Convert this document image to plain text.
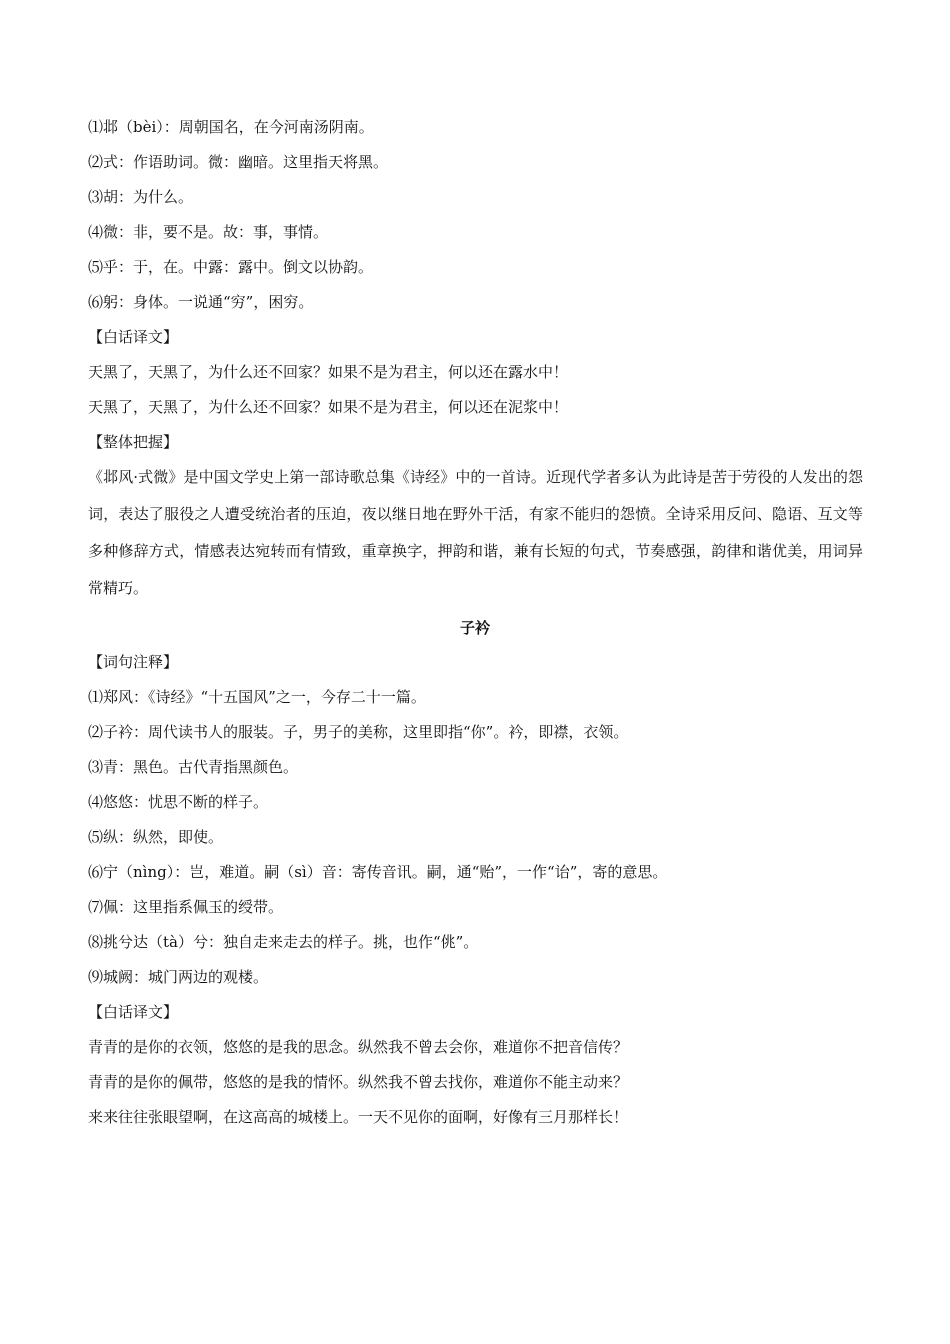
⑴邶（bèi）：周朝国名，在今河南汤阴南。
⑵式：作语助词。微：幽暗。这里指天将黑。
⑶胡：为什么。
⑷微：非，要不是。故：事，事情。
⑸乎：于，在。中露：露中。倒文以协韵。
⑹躬：身体。一说通“穷”，困穷。
【白话译文】
天黑了，天黑了，为什么还不回家？如果不是为君主，何以还在露水中！
天黑了，天黑了，为什么还不回家？如果不是为君主，何以还在泥浆中！
【整体把握】
《邶风·式微》是中国文学史上第一部诗歌总集《诗经》中的一首诗。近现代学者多认为此诗是苦于劳役的人发出的怨词，表达了服役之人遭受统治者的压迫，夜以继日地在野外干活，有家不能归的怨愤。全诗采用反问、隐语、互文等多种修辞方式，情感表达宛转而有情致，重章换字，押韵和谐，兼有长短的句式，节奏感强，韵律和谐优美，用词异常精巧。
子衿
【词句注释】
⑴郑风：《诗经》“十五国风”之一，今存二十一篇。
⑵子衿：周代读书人的服装。子，男子的美称，这里即指“你”。衿，即襟，衣领。
⑶青：黑色。古代青指黑颜色。
⑷悠悠：忧思不断的样子。
⑸纵：纵然，即使。
⑹宁（nìng）：岂，难道。嗣（sì）音：寄传音讯。嗣，通“贻”，一作“诒”，寄的意思。
⑺佩：这里指系佩玉的绶带。
⑻挑兮达（tà）兮：独自走来走去的样子。挑，也作“佻”。
⑼城阙：城门两边的观楼。
【白话译文】
青青的是你的衣领，悠悠的是我的思念。纵然我不曾去会你，难道你不把音信传？
青青的是你的佩带，悠悠的是我的情怀。纵然我不曾去找你，难道你不能主动来？
来来往往张眼望啊，在这高高的城楼上。一天不见你的面啊，好像有三月那样长！
